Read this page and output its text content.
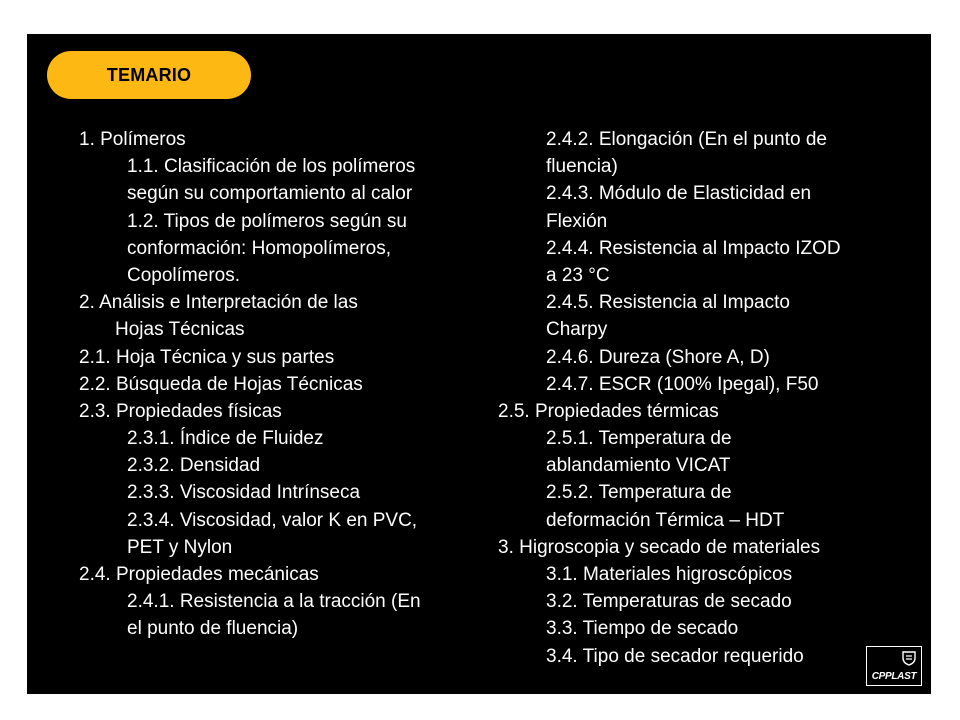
TEMARIO
1. Polímeros
1.1. Clasificación de los polímeros
según su comportamiento al calor
1.2. Tipos de polímeros según su
conformación: Homopolímeros,
Copolímeros.
2. Análisis e Interpretación de las
Hojas Técnicas
2.1. Hoja Técnica y sus partes
2.2. Búsqueda de Hojas Técnicas
2.3. Propiedades físicas
2.3.1. Índice de Fluidez
2.3.2. Densidad
2.3.3. Viscosidad Intrínseca
2.3.4. Viscosidad, valor K en PVC,
PET y Nylon
2.4. Propiedades mecánicas
2.4.1. Resistencia a la tracción (En
el punto de fluencia)
2.4.2. Elongación (En el punto de
fluencia)
2.4.3. Módulo de Elasticidad en
Flexión
2.4.4. Resistencia al Impacto IZOD
a 23 °C
2.4.5. Resistencia al Impacto
Charpy
2.4.6. Dureza (Shore A, D)
2.4.7. ESCR (100% Ipegal), F50
2.5. Propiedades térmicas
2.5.1. Temperatura de
ablandamiento VICAT
2.5.2. Temperatura de
deformación Térmica – HDT
3. Higroscopia y secado de materiales
3.1. Materiales higroscópicos
3.2. Temperaturas de secado
3.3. Tiempo de secado
3.4. Tipo de secador requerido
CPPLAST
